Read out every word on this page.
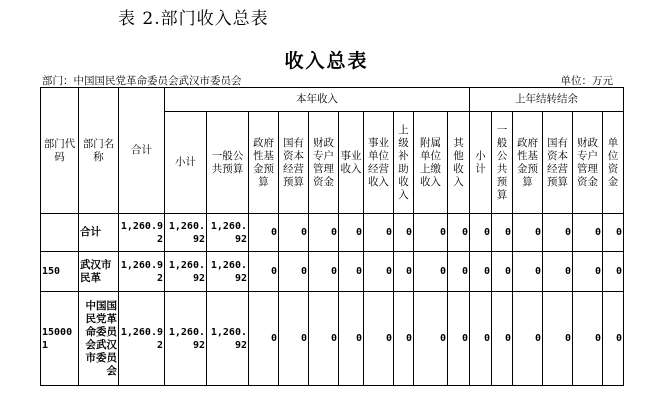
表 2.部门收入总表
收入总表
部门：中国国民党革命委员会武汉市委员会	单位：万元
部门代码	部门名称	合计	本年收入										上年结转结余					
			小计	一般公共预算	政府性基金预算	国有资本经营预算	财政专户管理资金	事业收入	事业单位经营收入	上级补助收入	附属单位上缴收入	其他收入	小计	一般公共预算	政府性基金预算	国有资本经营预算	财政专户管理资金	单位资金
	合计	1,260.92	1,260.92	1,260.92	0	0	0	0	0	0	0	0	0	0	0	0	0	0
150	武汉市民革	1,260.92	1,260.92	1,260.92	0	0	0	0	0	0	0	0	0	0	0	0	0	0
150001	中国国民党革命委员会武汉市委员会	1,260.92	1,260.92	1,260.92	0	0	0	0	0	0	0	0	0	0	0	0	0	0
